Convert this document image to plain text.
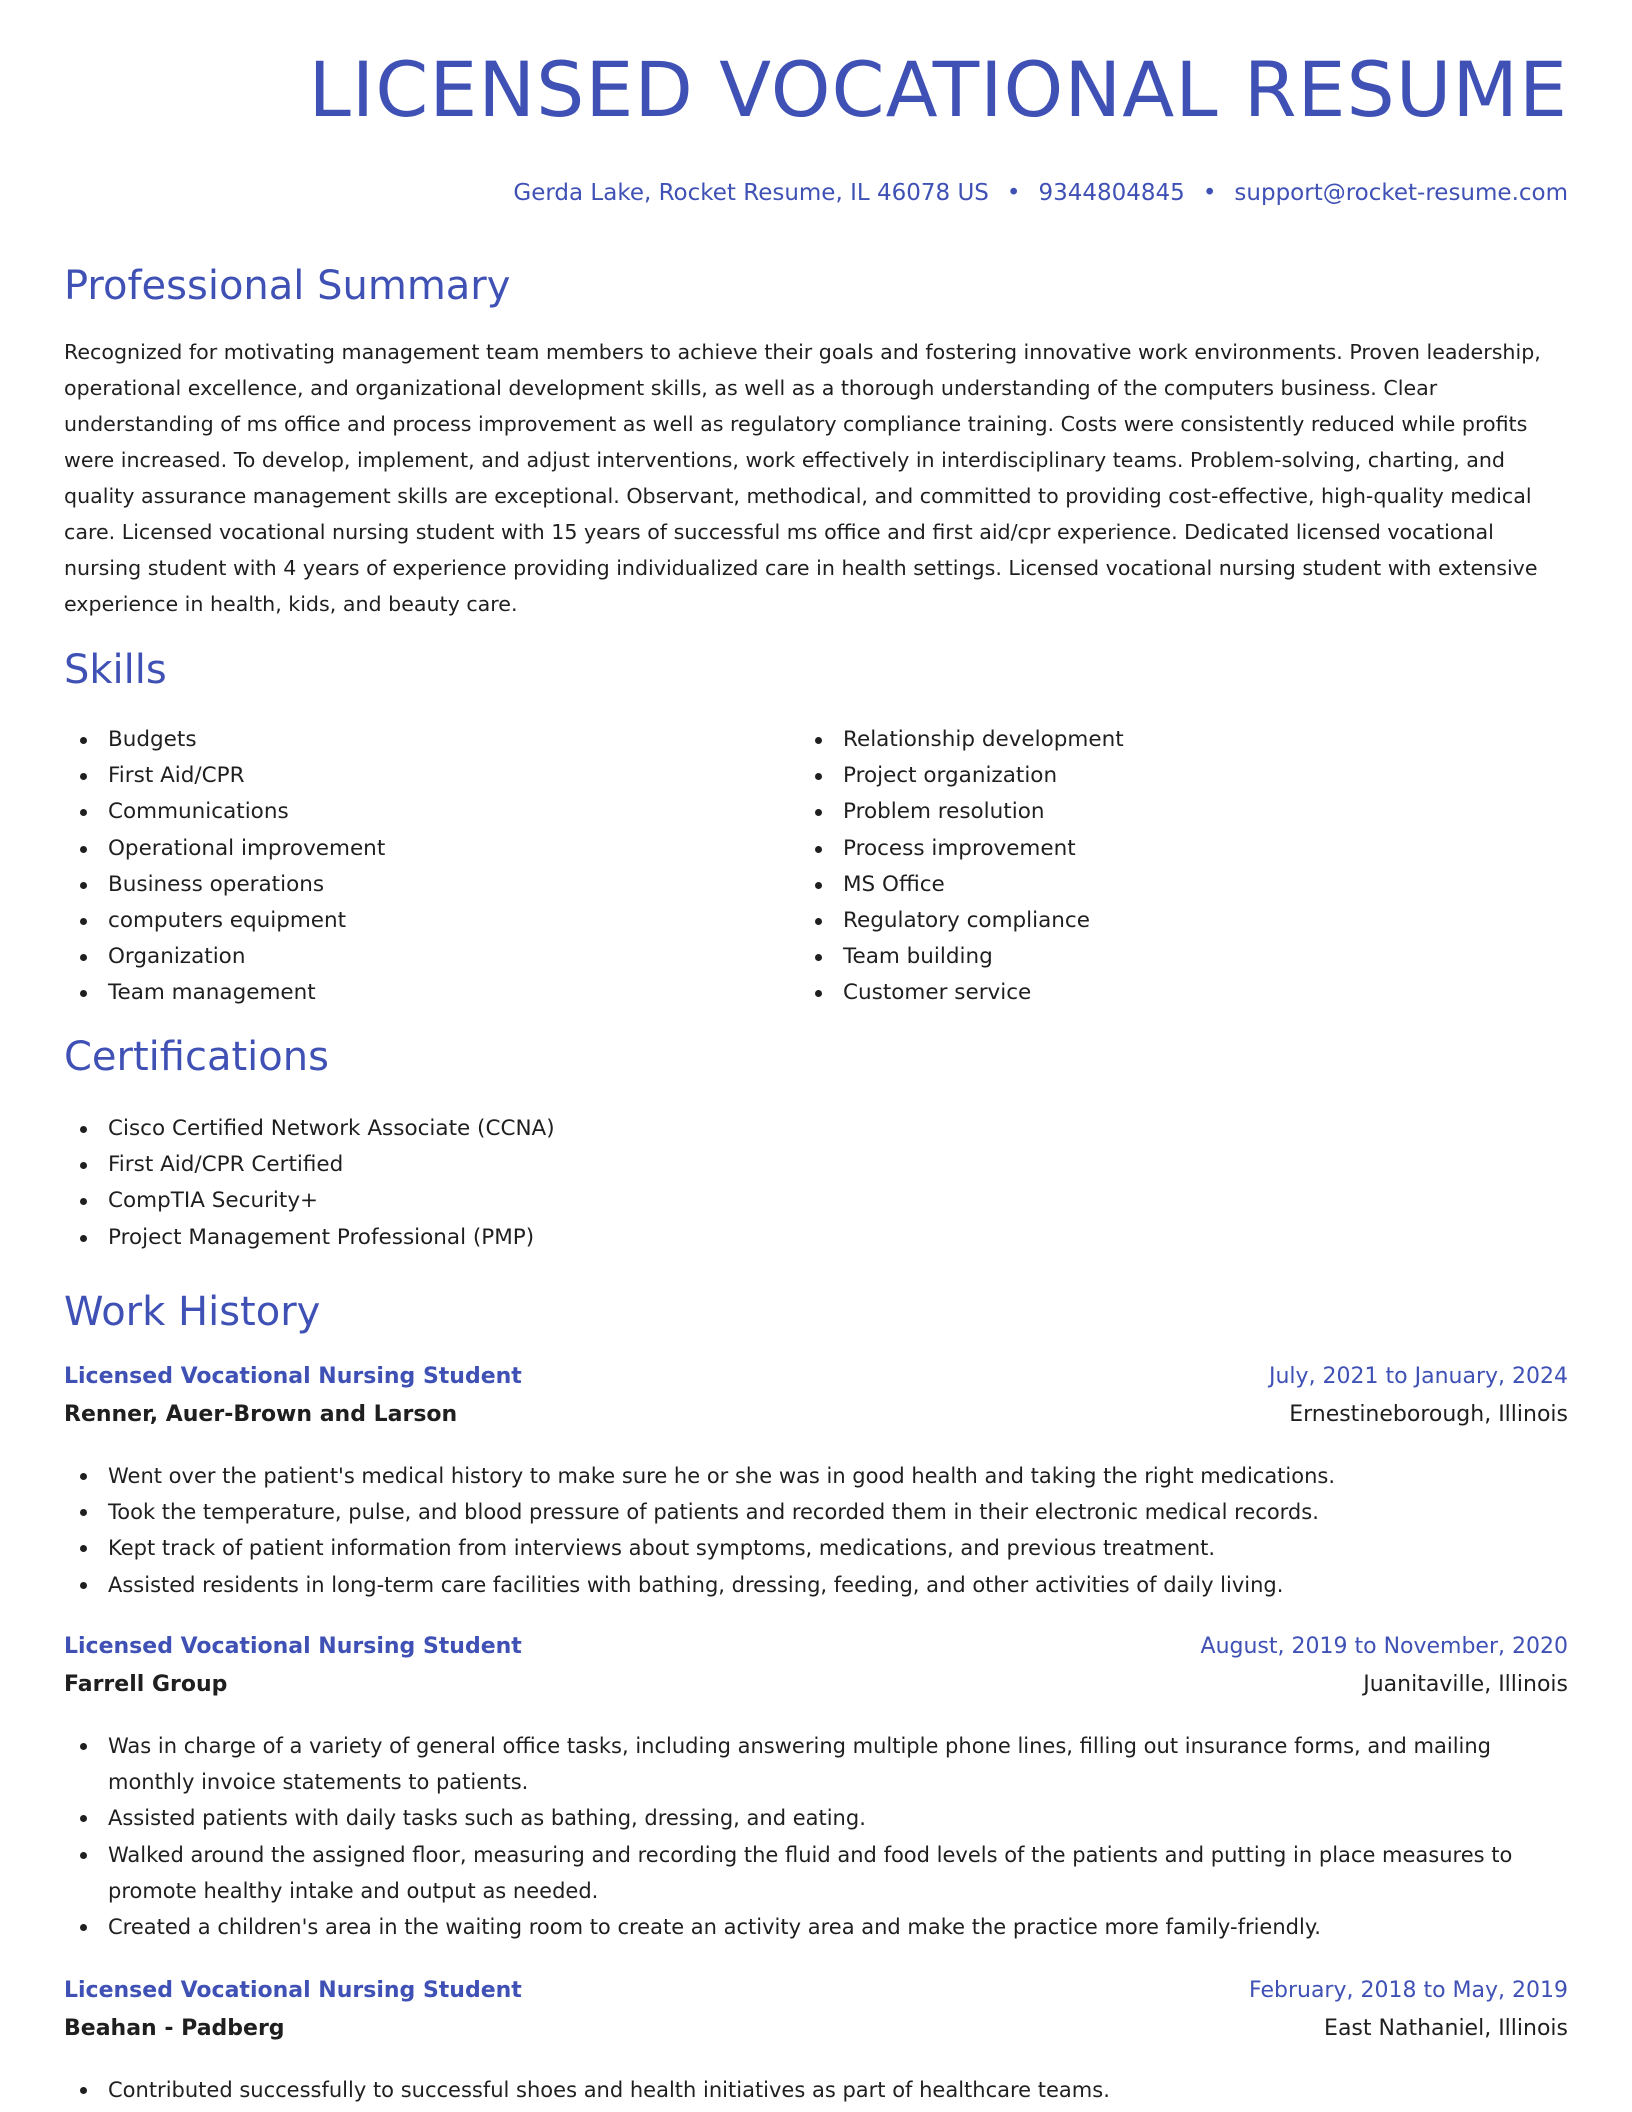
LICENSED VOCATIONAL RESUME
Gerda Lake, Rocket Resume, IL 46078 US • 9344804845 • support@rocket-resume.com
Professional Summary

Recognized for motivating management team members to achieve their goals and fostering innovative work environments. Proven leadership, operational excellence, and organizational development skills, as well as a thorough understanding of the computers business. Clear understanding of ms office and process improvement as well as regulatory compliance training. Costs were consistently reduced while profits were increased. To develop, implement, and adjust interventions, work effectively in interdisciplinary teams. Problem-solving, charting, and quality assurance management skills are exceptional. Observant, methodical, and committed to providing cost-effective, high-quality medical care. Licensed vocational nursing student with 15 years of successful ms office and first aid/cpr experience. Dedicated licensed vocational nursing student with 4 years of experience providing individualized care in health settings. Licensed vocational nursing student with extensive experience in health, kids, and beauty care.

Skills
Budgets
First Aid/CPR
Communications
Operational improvement
Business operations
computers equipment
Organization
Team management
Relationship development
Project organization
Problem resolution
Process improvement
MS Office
Regulatory compliance
Team building
Customer service
Certifications
Cisco Certified Network Associate (CCNA)
First Aid/CPR Certified
CompTIA Security+
Project Management Professional (PMP)
Work History
Licensed Vocational Nursing Student	July, 2021 to January, 2024
Renner, Auer-Brown and Larson	Ernestineborough, Illinois
Went over the patient's medical history to make sure he or she was in good health and taking the right medications.
Took the temperature, pulse, and blood pressure of patients and recorded them in their electronic medical records.
Kept track of patient information from interviews about symptoms, medications, and previous treatment.
Assisted residents in long-term care facilities with bathing, dressing, feeding, and other activities of daily living.
Licensed Vocational Nursing Student	August, 2019 to November, 2020
Farrell Group	Juanitaville, Illinois
Was in charge of a variety of general office tasks, including answering multiple phone lines, filling out insurance forms, and mailing monthly invoice statements to patients.
Assisted patients with daily tasks such as bathing, dressing, and eating.
Walked around the assigned floor, measuring and recording the fluid and food levels of the patients and putting in place measures to promote healthy intake and output as needed.
Created a children's area in the waiting room to create an activity area and make the practice more family-friendly.
Licensed Vocational Nursing Student	February, 2018 to May, 2019
Beahan - Padberg	East Nathaniel, Illinois
Contributed successfully to successful shoes and health initiatives as part of healthcare teams.
